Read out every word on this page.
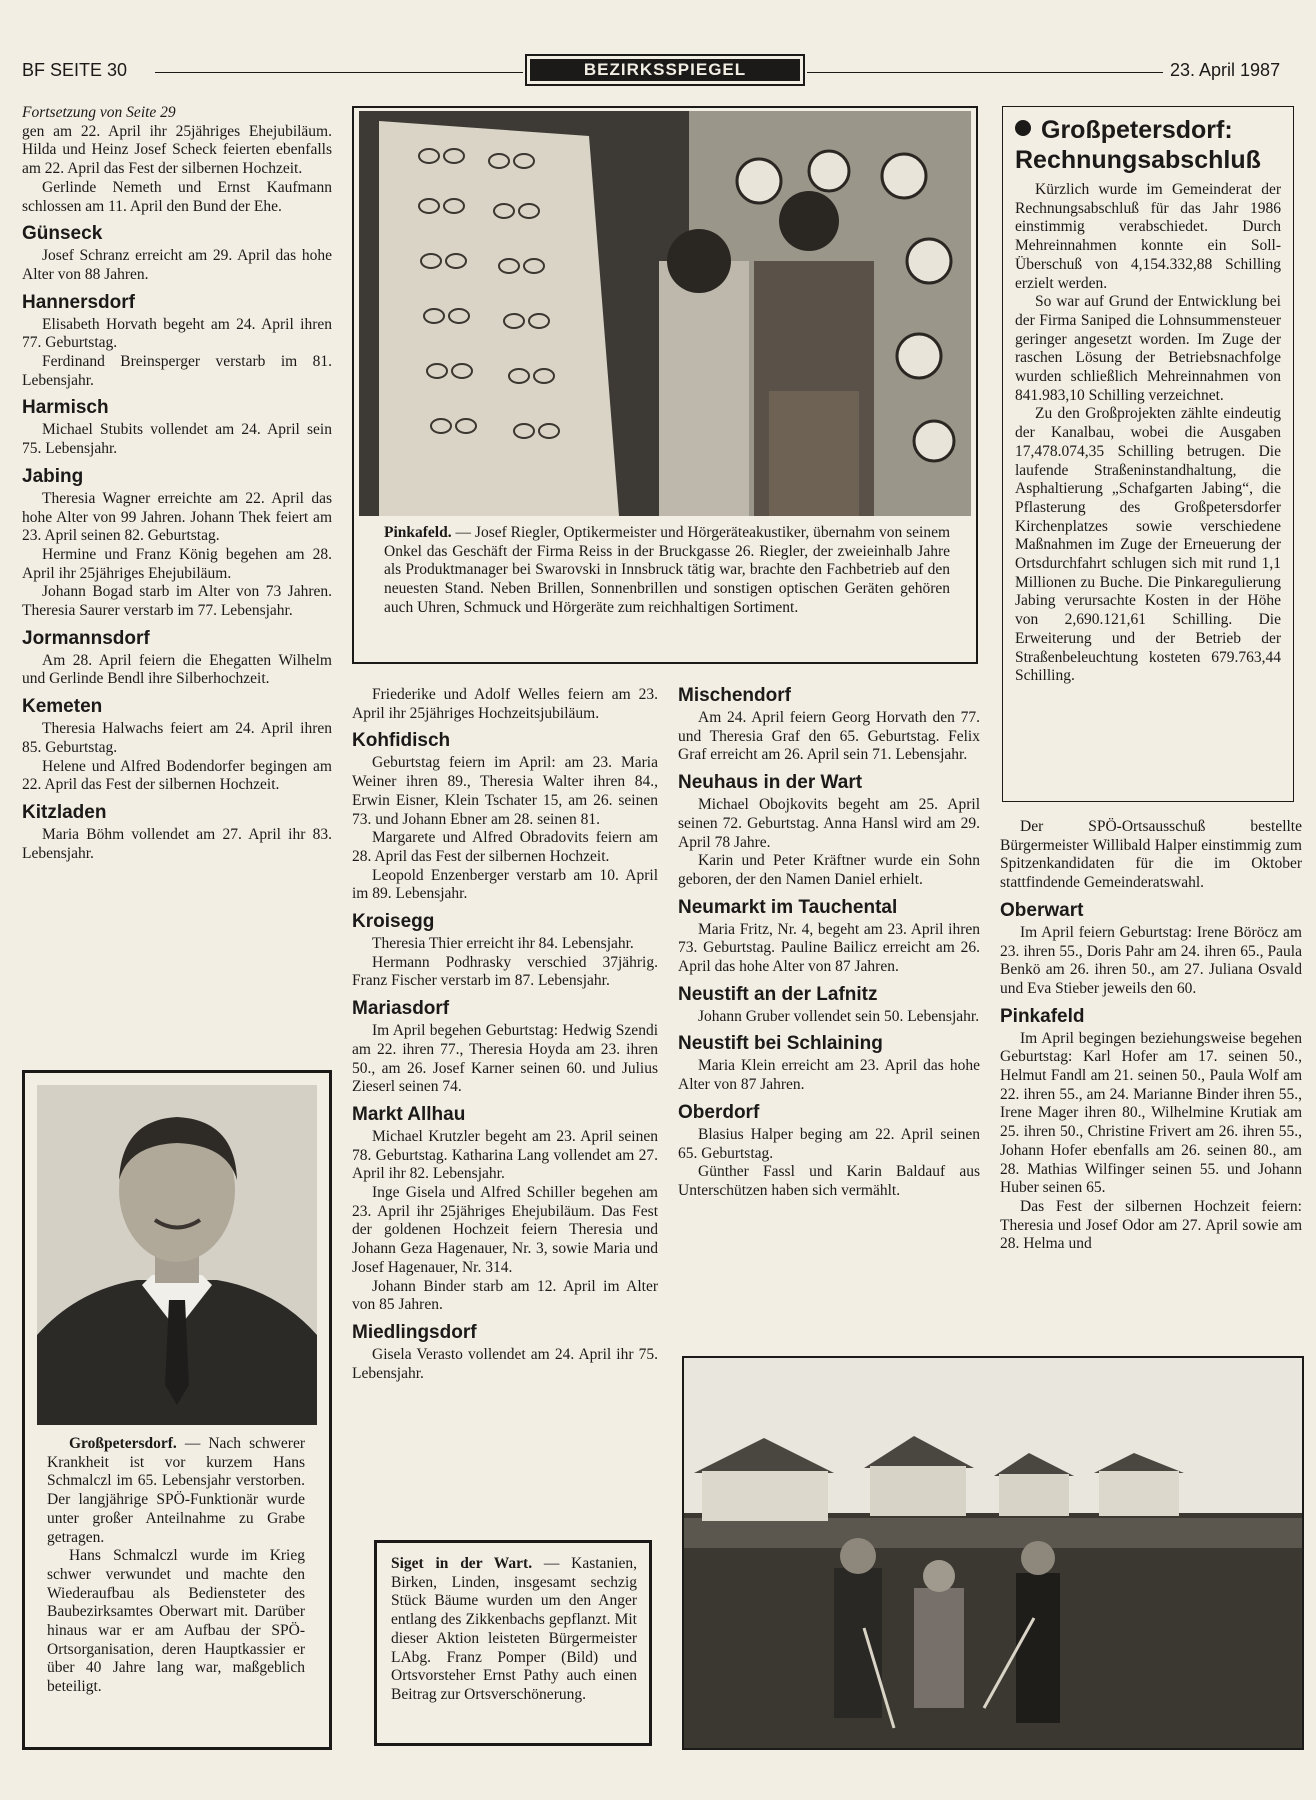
BF SEITE 30	BEZIRKSSPIEGEL	23. April 1987

Fortsetzung von Seite 29

gen am 22. April ihr 25jähriges Ehejubiläum. Hilda und Heinz Josef Scheck feierten ebenfalls am 22. April das Fest der silbernen Hochzeit.

Gerlinde Nemeth und Ernst Kaufmann schlossen am 11. April den Bund der Ehe.

Günseck

Josef Schranz erreicht am 29. April das hohe Alter von 88 Jahren.

Hannersdorf

Elisabeth Horvath begeht am 24. April ihren 77. Geburtstag.

Ferdinand Breinsperger verstarb im 81. Lebensjahr.

Harmisch

Michael Stubits vollendet am 24. April sein 75. Lebensjahr.

Jabing

Theresia Wagner erreichte am 22. April das hohe Alter von 99 Jahren. Johann Thek feiert am 23. April seinen 82. Geburtstag.

Hermine und Franz König begehen am 28. April ihr 25jähriges Ehejubiläum.

Johann Bogad starb im Alter von 73 Jahren. Theresia Saurer verstarb im 77. Lebensjahr.

Jormannsdorf

Am 28. April feiern die Ehegatten Wilhelm und Gerlinde Bendl ihre Silberhochzeit.

Kemeten

Theresia Halwachs feiert am 24. April ihren 85. Geburtstag.

Helene und Alfred Bodendorfer begingen am 22. April das Fest der silbernen Hochzeit.

Kitzladen

Maria Böhm vollendet am 27. April ihr 83. Lebensjahr.

Pinkafeld. — Josef Riegler, Optikermeister und Hörgeräteakustiker, übernahm von seinem Onkel das Geschäft der Firma Reiss in der Bruckgasse 26. Riegler, der zweieinhalb Jahre als Produktmanager bei Swarovski in Innsbruck tätig war, brachte den Fachbetrieb auf den neuesten Stand. Neben Brillen, Sonnenbrillen und sonstigen optischen Geräten gehören auch Uhren, Schmuck und Hörgeräte zum reichhaltigen Sortiment.
Großpetersdorf:
Rechnungsabschluß

Kürzlich wurde im Gemeinderat der Rechnungsabschluß für das Jahr 1986 einstimmig verabschiedet. Durch Mehreinnahmen konnte ein Soll-Überschuß von 4,154.332,88 Schilling erzielt werden.

So war auf Grund der Entwicklung bei der Firma Saniped die Lohnsummensteuer geringer angesetzt worden. Im Zuge der raschen Lösung der Betriebsnachfolge wurden schließlich Mehreinnahmen von 841.983,10 Schilling verzeichnet.

Zu den Großprojekten zählte eindeutig der Kanalbau, wobei die Ausgaben 17,478.074,35 Schilling betrugen. Die laufende Straßeninstandhaltung, die Asphaltierung „Schafgarten Jabing“, die Pflasterung des Großpetersdorfer Kirchenplatzes sowie verschiedene Maßnahmen im Zuge der Erneuerung der Ortsdurchfahrt schlugen sich mit rund 1,1 Millionen zu Buche. Die Pinkaregulierung Jabing verursachte Kosten in der Höhe von 2,690.121,61 Schilling. Die Erweiterung und der Betrieb der Straßenbeleuchtung kosteten 679.763,44 Schilling.

Friederike und Adolf Welles feiern am 23. April ihr 25jähriges Hochzeitsjubiläum.

Kohfidisch

Geburtstag feiern im April: am 23. Maria Weiner ihren 89., Theresia Walter ihren 84., Erwin Eisner, Klein Tschater 15, am 26. seinen 73. und Johann Ebner am 28. seinen 81.

Margarete und Alfred Obradovits feiern am 28. April das Fest der silbernen Hochzeit.

Leopold Enzenberger verstarb am 10. April im 89. Lebensjahr.

Kroisegg

Theresia Thier erreicht ihr 84. Lebensjahr.

Hermann Podhrasky verschied 37jährig. Franz Fischer verstarb im 87. Lebensjahr.

Mariasdorf

Im April begehen Geburtstag: Hedwig Szendi am 22. ihren 77., Theresia Hoyda am 23. ihren 50., am 26. Josef Karner seinen 60. und Julius Zieserl seinen 74.

Markt Allhau

Michael Krutzler begeht am 23. April seinen 78. Geburtstag. Katharina Lang vollendet am 27. April ihr 82. Lebensjahr.

Inge Gisela und Alfred Schiller begehen am 23. April ihr 25jähriges Ehejubiläum. Das Fest der goldenen Hochzeit feiern Theresia und Johann Geza Hagenauer, Nr. 3, sowie Maria und Josef Hagenauer, Nr. 314.

Johann Binder starb am 12. April im Alter von 85 Jahren.

Miedlingsdorf

Gisela Verasto vollendet am 24. April ihr 75. Lebensjahr.

Mischendorf

Am 24. April feiern Georg Horvath den 77. und Theresia Graf den 65. Geburtstag. Felix Graf erreicht am 26. April sein 71. Lebensjahr.

Neuhaus in der Wart

Michael Obojkovits begeht am 25. April seinen 72. Geburtstag. Anna Hansl wird am 29. April 78 Jahre.

Karin und Peter Kräftner wurde ein Sohn geboren, der den Namen Daniel erhielt.

Neumarkt im Tauchental

Maria Fritz, Nr. 4, begeht am 23. April ihren 73. Geburtstag. Pauline Bailicz erreicht am 26. April das hohe Alter von 87 Jahren.

Neustift an der Lafnitz

Johann Gruber vollendet sein 50. Lebensjahr.

Neustift bei Schlaining

Maria Klein erreicht am 23. April das hohe Alter von 87 Jahren.

Oberdorf

Blasius Halper beging am 22. April seinen 65. Geburtstag.

Günther Fassl und Karin Baldauf aus Unterschützen haben sich vermählt.

Der SPÖ-Ortsausschuß bestellte Bürgermeister Willibald Halper einstimmig zum Spitzenkandidaten für die im Oktober stattfindende Gemeinderatswahl.

Oberwart

Im April feiern Geburtstag: Irene Böröcz am 23. ihren 55., Doris Pahr am 24. ihren 65., Paula Benkö am 26. ihren 50., am 27. Juliana Osvald und Eva Stieber jeweils den 60.

Pinkafeld

Im April begingen beziehungsweise begehen Geburtstag: Karl Hofer am 17. seinen 50., Helmut Fandl am 21. seinen 50., Paula Wolf am 22. ihren 55., am 24. Marianne Binder ihren 55., Irene Mager ihren 80., Wilhelmine Krutiak am 25. ihren 50., Christine Frivert am 26. ihren 55., Johann Hofer ebenfalls am 26. seinen 80., am 28. Mathias Wilfinger seinen 55. und Johann Huber seinen 65.

Das Fest der silbernen Hochzeit feiern: Theresia und Josef Odor am 27. April sowie am 28. Helma und

Großpetersdorf. — Nach schwerer Krankheit ist vor kurzem Hans Schmalczl im 65. Lebensjahr verstorben. Der langjährige SPÖ-Funktionär wurde unter großer Anteilnahme zu Grabe getragen.

Hans Schmalczl wurde im Krieg schwer verwundet und machte den Wiederaufbau als Bediensteter des Baubezirksamtes Oberwart mit. Darüber hinaus war er am Aufbau der SPÖ-Ortsorganisation, deren Hauptkassier er über 40 Jahre lang war, maßgeblich beteiligt.

Siget in der Wart. — Kastanien, Birken, Linden, insgesamt sechzig Stück Bäume wurden um den Anger entlang des Zikkenbachs gepflanzt. Mit dieser Aktion leisteten Bürgermeister LAbg. Franz Pomper (Bild) und Ortsvorsteher Ernst Pathy auch einen Beitrag zur Ortsverschönerung.
